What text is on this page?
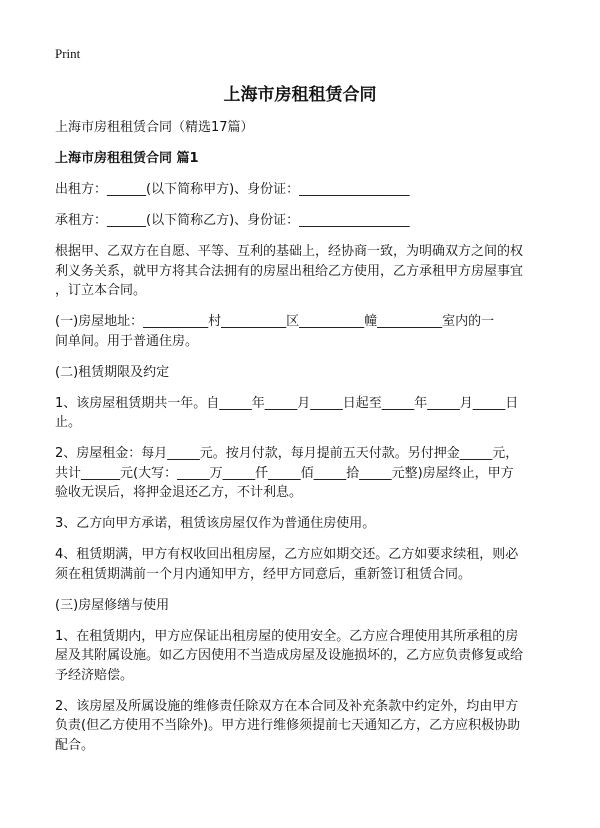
Print
上海市房租租赁合同
上海市房租租赁合同（精选17篇）
上海市房租租赁合同 篇1
出租方：______(以下简称甲方)、身份证：_________________
承租方：______(以下简称乙方)、身份证：_________________
根据甲、乙双方在自愿、平等、互利的基础上，经协商一致，为明确双方之间的权
利义务关系，就甲方将其合法拥有的房屋出租给乙方使用，乙方承租甲方房屋事宜
，订立本合同。
(一)房屋地址：__________村__________区__________幢__________室内的一
间单间。用于普通住房。
(二)租赁期限及约定
1、该房屋租赁期共一年。自_____年_____月_____日起至_____年_____月_____日
止。
2、房屋租金：每月_____元。按月付款，每月提前五天付款。另付押金_____元，
共计______元(大写：_____万_____仟_____佰_____拾_____元整)房屋终止，甲方
验收无误后，将押金退还乙方，不计利息。
3、乙方向甲方承诺，租赁该房屋仅作为普通住房使用。
4、租赁期满，甲方有权收回出租房屋，乙方应如期交还。乙方如要求续租，则必
须在租赁期满前一个月内通知甲方，经甲方同意后，重新签订租赁合同。
(三)房屋修缮与使用
1、在租赁期内，甲方应保证出租房屋的使用安全。乙方应合理使用其所承租的房
屋及其附属设施。如乙方因使用不当造成房屋及设施损坏的，乙方应负责修复或给
予经济赔偿。
2、该房屋及所属设施的维修责任除双方在本合同及补充条款中约定外，均由甲方
负责(但乙方使用不当除外)。甲方进行维修须提前七天通知乙方，乙方应积极协助
配合。
